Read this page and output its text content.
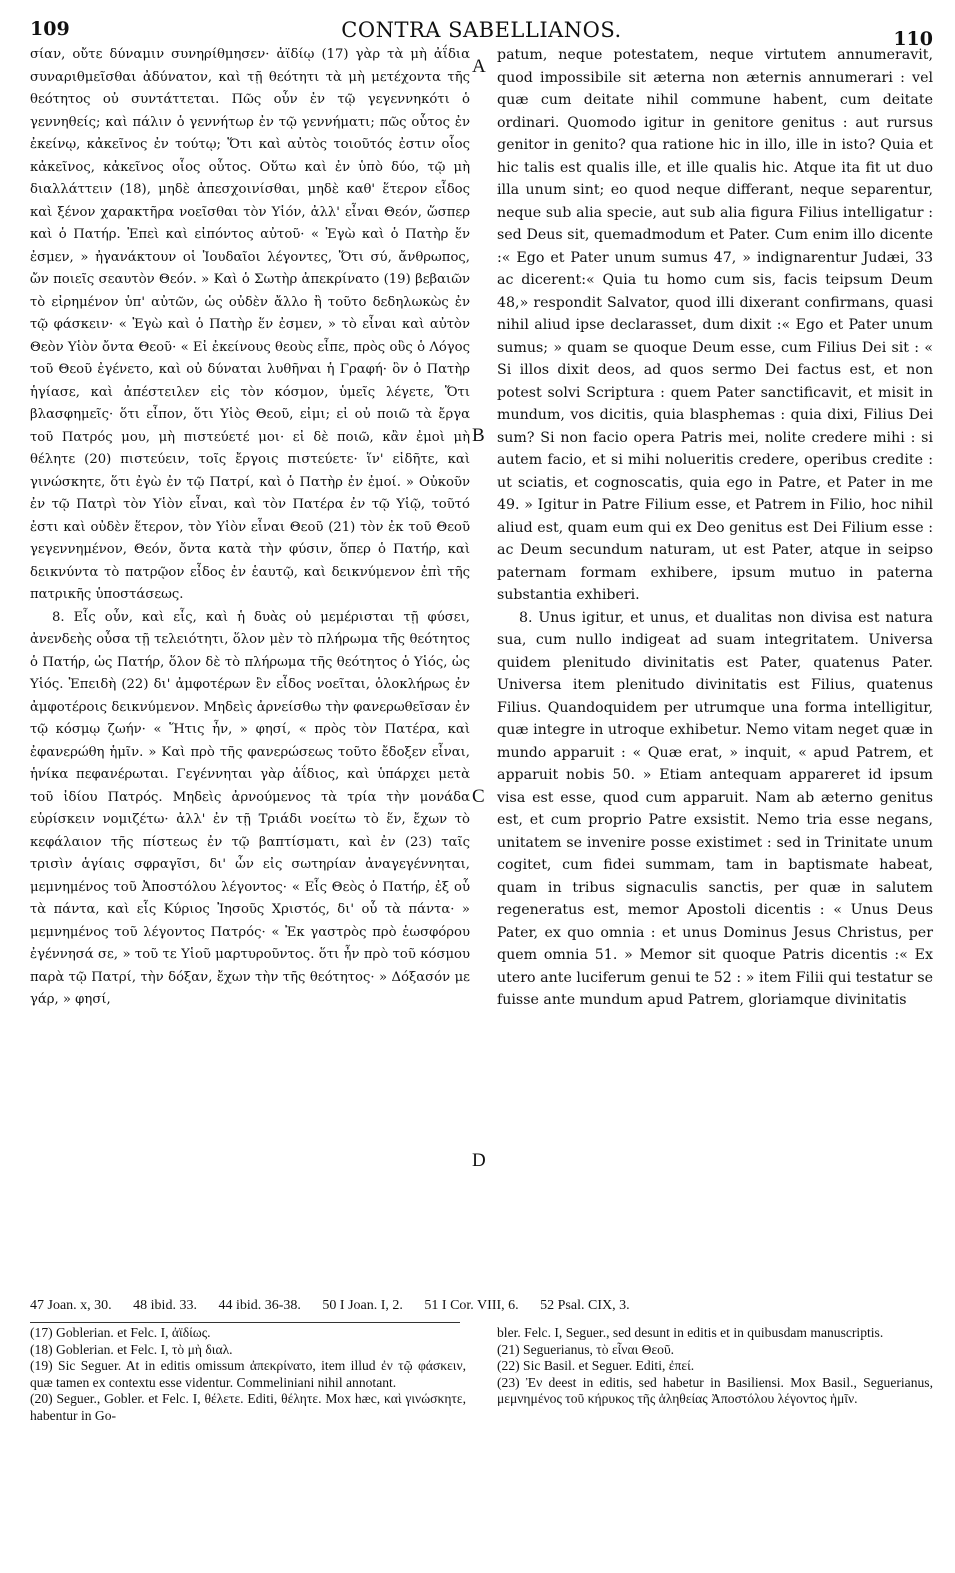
109	CONTRA SABELLIANOS.	110

σίαν, οὔτε δύναμιν συνηρίθμησεν· ἀϊδίῳ (17) γὰρ τὰ μὴ ἀΐδια συναριθμεῖσθαι ἀδύνατον, καὶ τῇ θεότητι τὰ μὴ μετέχοντα τῆς θεότητος οὐ συντάττεται. Πῶς οὖν ἐν τῷ γεγεννηκότι ὁ γεννηθείς; καὶ πάλιν ὁ γεννήτωρ ἐν τῷ γεννήματι; πῶς οὗτος ἐν ἐκείνῳ, κἀκεῖνος ἐν τούτῳ; Ὅτι καὶ αὐτὸς τοιοῦτός ἐστιν οἷος κἀκεῖνος, κἀκεῖνος οἷος οὗτος. Οὕτω καὶ ἐν ὑπὸ δύο, τῷ μὴ διαλλάττειν (18), μηδὲ ἀπεσχοινίσθαι, μηδὲ καθ' ἕτερον εἶδος καὶ ξένον χαρακτῆρα νοεῖσθαι τὸν Υἱόν, ἀλλ' εἶναι Θεόν, ὥσπερ καὶ ὁ Πατήρ. Ἐπεὶ καὶ εἰπόντος αὐτοῦ· « Ἐγὼ καὶ ὁ Πατὴρ ἕν ἐσμεν, » ἠγανάκτουν οἱ Ἰουδαῖοι λέγοντες, Ὅτι σύ, ἄνθρωπος, ὤν ποιεῖς σεαυτὸν Θεόν. » Καὶ ὁ Σωτὴρ ἀπεκρίνατο (19) βεβαιῶν τὸ εἰρημένον ὑπ' αὐτῶν, ὡς οὐδὲν ἄλλο ἢ τοῦτο δεδηλωκὼς ἐν τῷ φάσκειν· « Ἐγὼ καὶ ὁ Πατὴρ ἕν ἐσμεν, » τὸ εἶναι καὶ αὐτὸν Θεὸν Υἱὸν ὄντα Θεοῦ· « Εἰ ἐκείνους θεοὺς εἶπε, πρὸς οὓς ὁ Λόγος τοῦ Θεοῦ ἐγένετο, καὶ οὐ δύναται λυθῆναι ἡ Γραφή· ὃν ὁ Πατὴρ ἡγίασε, καὶ ἀπέστειλεν εἰς τὸν κόσμον, ὑμεῖς λέγετε, Ὅτι βλασφημεῖς· ὅτι εἶπον, ὅτι Υἱὸς Θεοῦ, εἰμι; εἰ οὐ ποιῶ τὰ ἔργα τοῦ Πατρός μου, μὴ πιστεύετέ μοι· εἰ δὲ ποιῶ, κἂν ἐμοὶ μὴ θέλητε (20) πιστεύειν, τοῖς ἔργοις πιστεύετε· ἵν' εἰδῆτε, καὶ γινώσκητε, ὅτι ἐγὼ ἐν τῷ Πατρί, καὶ ὁ Πατὴρ ἐν ἐμοί. » Οὐκοῦν ἐν τῷ Πατρὶ τὸν Υἱὸν εἶναι, καὶ τὸν Πατέρα ἐν τῷ Υἱῷ, τοῦτό ἐστι καὶ οὐδὲν ἕτερον, τὸν Υἱὸν εἶναι Θεοῦ (21) τὸν ἐκ τοῦ Θεοῦ γεγεννημένον, Θεόν, ὄντα κατὰ τὴν φύσιν, ὅπερ ὁ Πατήρ, καὶ δεικνύντα τὸ πατρῷον εἶδος ἐν ἑαυτῷ, καὶ δεικνύμενον ἐπὶ τῆς πατρικῆς ὑποστάσεως.

8. Εἷς οὖν, καὶ εἷς, καὶ ἡ δυὰς οὐ μεμέρισται τῇ φύσει, ἀνενδεὴς οὖσα τῇ τελειότητι, ὅλον μὲν τὸ πλήρωμα τῆς θεότητος ὁ Πατήρ, ὡς Πατήρ, ὅλον δὲ τὸ πλήρωμα τῆς θεότητος ὁ Υἱός, ὡς Υἱός. Ἐπειδὴ (22) δι' ἀμφοτέρων ἓν εἶδος νοεῖται, ὁλοκλήρως ἐν ἀμφοτέροις δεικνύμενον. Μηδεὶς ἀρνείσθω τὴν φανερωθεῖσαν ἐν τῷ κόσμῳ ζωήν· « Ἥτις ἦν, » φησί, « πρὸς τὸν Πατέρα, καὶ ἐφανερώθη ἡμῖν. » Καὶ πρὸ τῆς φανερώσεως τοῦτο ἔδοξεν εἶναι, ἡνίκα πεφανέρωται. Γεγέννηται γὰρ ἀΐδιος, καὶ ὑπάρχει μετὰ τοῦ ἰδίου Πατρός. Μηδεὶς ἀρνούμενος τὰ τρία τὴν μονάδα εὑρίσκειν νομιζέτω· ἀλλ' ἐν τῇ Τριάδι νοείτω τὸ ἕν, ἔχων τὸ κεφάλαιον τῆς πίστεως ἐν τῷ βαπτίσματι, καὶ ἐν (23) ταῖς τρισὶν ἁγίαις σφραγῖσι, δι' ὧν εἰς σωτηρίαν ἀναγεγέννηται, μεμνημένος τοῦ Ἀποστόλου λέγοντος· « Εἷς Θεὸς ὁ Πατήρ, ἐξ οὗ τὰ πάντα, καὶ εἷς Κύριος Ἰησοῦς Χριστός, δι' οὗ τὰ πάντα· » μεμνημένος τοῦ λέγοντος Πατρός· « Ἐκ γαστρὸς πρὸ ἑωσφόρου ἐγέννησά σε, » τοῦ τε Υἱοῦ μαρτυροῦντος. ὅτι ἦν πρὸ τοῦ κόσμου παρὰ τῷ Πατρί, τὴν δόξαν, ἔχων τὴν τῆς θεότητος· » Δόξασόν με γάρ, » φησί,

patum, neque potestatem, neque virtutem annumeravit, quod impossibile sit æterna non æternis annumerari : vel quæ cum deitate nihil commune habent, cum deitate ordinari. Quomodo igitur in genitore genitus : aut rursus genitor in genito? qua ratione hic in illo, ille in isto? Quia et hic talis est qualis ille, et ille qualis hic. Atque ita fit ut duo illa unum sint; eo quod neque differant, neque separentur, neque sub alia specie, aut sub alia figura Filius intelligatur : sed Deus sit, quemadmodum et Pater. Cum enim illo dicente :« Ego et Pater unum sumus 47, » indignarentur Judæi, 33 ac dicerent:« Quia tu homo cum sis, facis teipsum Deum 48,» respondit Salvator, quod illi dixerant confirmans, quasi nihil aliud ipse declarasset, dum dixit :« Ego et Pater unum sumus; » quam se quoque Deum esse, cum Filius Dei sit : « Si illos dixit deos, ad quos sermo Dei factus est, et non potest solvi Scriptura : quem Pater sanctificavit, et misit in mundum, vos dicitis, quia blasphemas : quia dixi, Filius Dei sum? Si non facio opera Patris mei, nolite credere mihi : si autem facio, et si mihi nolueritis credere, operibus credite : ut sciatis, et cognoscatis, quia ego in Patre, et Pater in me 49. » Igitur in Patre Filium esse, et Patrem in Filio, hoc nihil aliud est, quam eum qui ex Deo genitus est Dei Filium esse : ac Deum secundum naturam, ut est Pater, atque in seipso paternam formam exhibere, ipsum mutuo in paterna substantia exhiberi.

8. Unus igitur, et unus, et dualitas non divisa est natura sua, cum nullo indigeat ad suam integritatem. Universa quidem plenitudo divinitatis est Pater, quatenus Pater. Universa item plenitudo divinitatis est Filius, quatenus Filius. Quandoquidem per utrumque una forma intelligitur, quæ integre in utroque exhibetur. Nemo vitam neget quæ in mundo apparuit : « Quæ erat, » inquit, « apud Patrem, et apparuit nobis 50. » Etiam antequam appareret id ipsum visa est esse, quod cum apparuit. Nam ab æterno genitus est, et cum proprio Patre exsistit. Nemo tria esse negans, unitatem se invenire posse existimet : sed in Trinitate unum cogitet, cum fidei summam, tam in baptismate habeat, quam in tribus signaculis sanctis, per quæ in salutem regeneratus est, memor Apostoli dicentis : « Unus Deus Pater, ex quo omnia : et unus Dominus Jesus Christus, per quem omnia 51. » Memor sit quoque Patris dicentis :« Ex utero ante luciferum genui te 52 : » item Filii qui testatur se fuisse ante mundum apud Patrem, gloriamque divinitatis

A
B
C
D
47 Joan. x, 30. 48 ibid. 33. 44 ibid. 36-38. 50 I Joan. I, 2. 51 I Cor. VIII, 6. 52 Psal. CIX, 3.

(17) Goblerian. et Felc. I, ἀϊδίως.

(18) Goblerian. et Felc. I, τὸ μὴ διαλ.

(19) Sic Seguer. At in editis omissum ἀπεκρίνατο, item illud ἐν τῷ φάσκειν, quæ tamen ex contextu esse videntur. Commeliniani nihil annotant.

(20) Seguer., Gobler. et Felc. I, θέλετε. Editi, θέλητε. Mox hæc, καὶ γινώσκητε, habentur in Go-

bler. Felc. I, Seguer., sed desunt in editis et in quibusdam manuscriptis.

(21) Seguerianus, τὸ εἶναι Θεοῦ.

(22) Sic Basil. et Seguer. Editi, ἐπεί.

(23) Ἐν deest in editis, sed habetur in Basiliensi. Mox Basil., Seguerianus, μεμνημένος τοῦ κήρυκος τῆς ἀληθείας Ἀποστόλου λέγοντος ἡμῖν.
